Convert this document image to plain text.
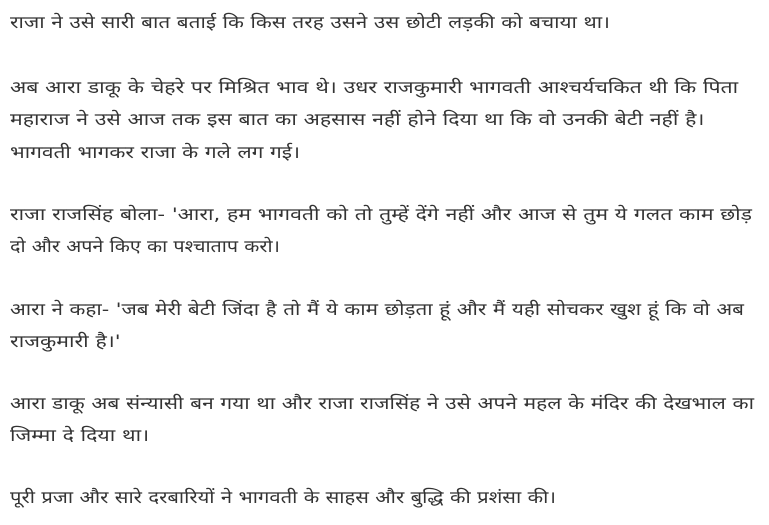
राजा ने उसे सारी बात बताई कि किस तरह उसने उस छोटी लड़की को बचाया था।
अब आरा डाकू के चेहरे पर मिश्रित भाव थे। उधर राजकुमारी भागवती आश्चर्यचकित थी कि पिता
महाराज ने उसे आज तक इस बात का अहसास नहीं होने दिया था कि वो उनकी बेटी नहीं है।
भागवती भागकर राजा के गले लग गई।
राजा राजसिंह बोला- 'आरा, हम भागवती को तो तुम्हें देंगे नहीं और आज से तुम ये गलत काम छोड़
दो और अपने किए का पश्चाताप करो।
आरा ने कहा- 'जब मेरी बेटी जिंदा है तो मैं ये काम छोड़ता हूं और मैं यही सोचकर खुश हूं कि वो अब
राजकुमारी है।'
आरा डाकू अब संन्यासी बन गया था और राजा राजसिंह ने उसे अपने महल के मंदिर की देखभाल का
जिम्मा दे दिया था।
पूरी प्रजा और सारे दरबारियों ने भागवती के साहस और बुद्धि की प्रशंसा की।
